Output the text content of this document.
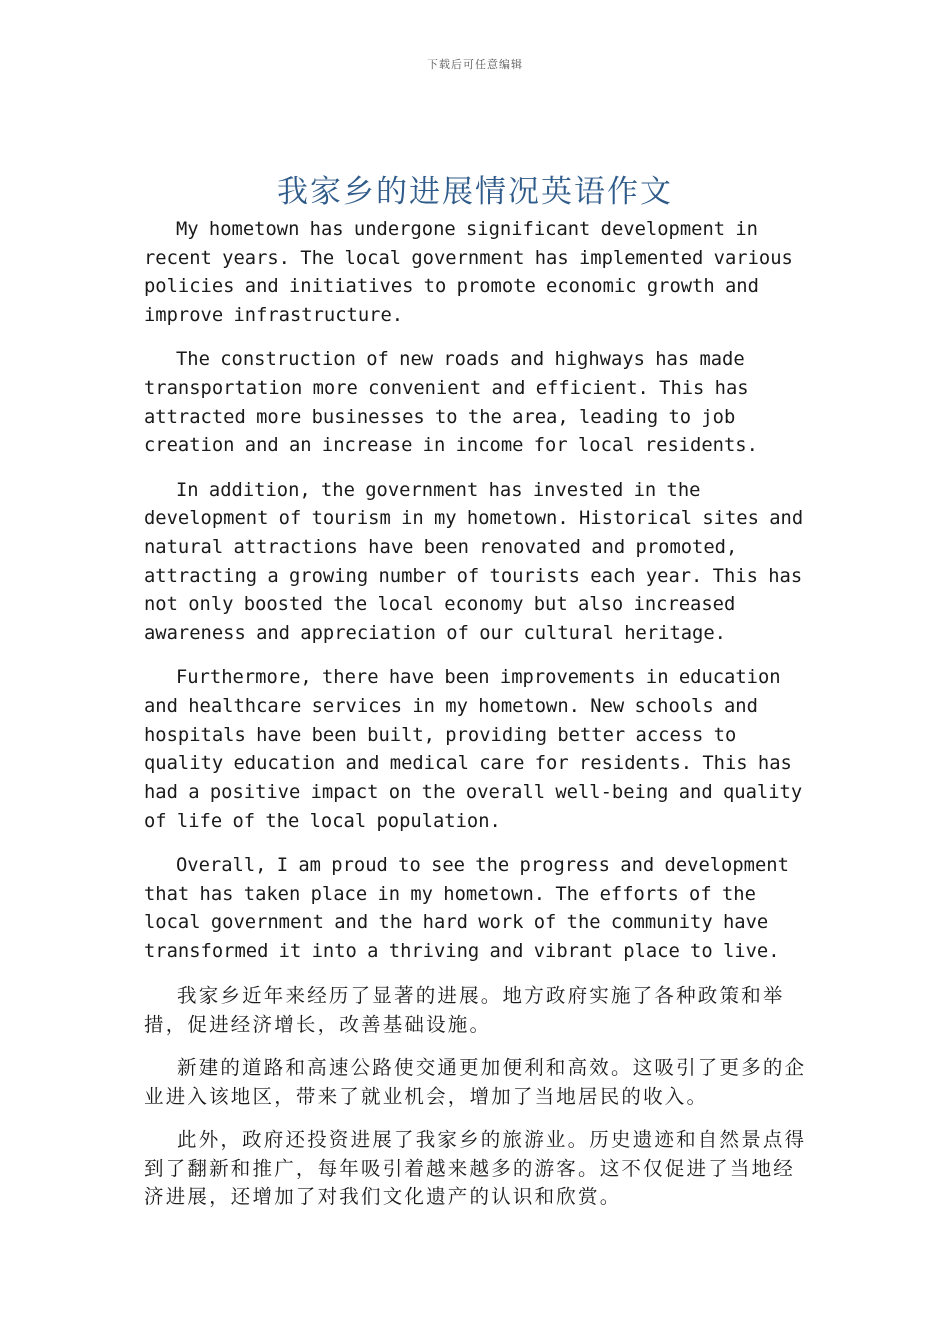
下载后可任意编辑
我家乡的进展情况英语作文

My hometown has undergone significant development in recent years. The local government has implemented various policies and initiatives to promote economic growth and improve infrastructure.

The construction of new roads and highways has made transportation more convenient and efficient. This has attracted more businesses to the area, leading to job creation and an increase in income for local residents.

In addition, the government has invested in the development of tourism in my hometown. Historical sites and natural attractions have been renovated and promoted, attracting a growing number of tourists each year. This has not only boosted the local economy but also increased awareness and appreciation of our cultural heritage.

Furthermore, there have been improvements in education and healthcare services in my hometown. New schools and hospitals have been built, providing better access to quality education and medical care for residents. This has had a positive impact on the overall well-being and quality of life of the local population.

Overall, I am proud to see the progress and development that has taken place in my hometown. The efforts of the local government and the hard work of the community have transformed it into a thriving and vibrant place to live.

我家乡近年来经历了显著的进展。地方政府实施了各种政策和举措，促进经济增长，改善基础设施。

新建的道路和高速公路使交通更加便利和高效。这吸引了更多的企业进入该地区，带来了就业机会，增加了当地居民的收入。

此外，政府还投资进展了我家乡的旅游业。历史遗迹和自然景点得到了翻新和推广，每年吸引着越来越多的游客。这不仅促进了当地经济进展，还增加了对我们文化遗产的认识和欣赏。
